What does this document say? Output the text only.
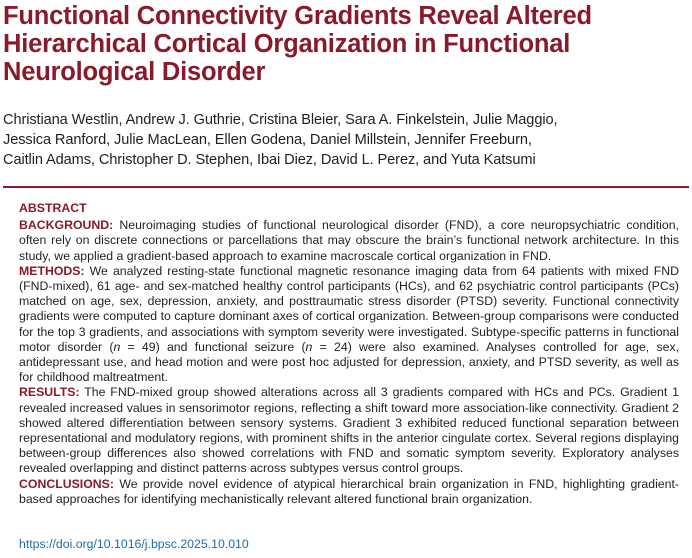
Functional Connectivity Gradients Reveal Altered
Hierarchical Cortical Organization in Functional
Neurological Disorder
Christiana Westlin, Andrew J. Guthrie, Cristina Bleier, Sara A. Finkelstein, Julie Maggio,
Jessica Ranford, Julie MacLean, Ellen Godena, Daniel Millstein, Jennifer Freeburn,
Caitlin Adams, Christopher D. Stephen, Ibai Diez, David L. Perez, and Yuta Katsumi
ABSTRACT

BACKGROUND: Neuroimaging studies of functional neurological disorder (FND), a core neuropsychiatric condition, often rely on discrete connections or parcellations that may obscure the brain’s functional network architecture. In this study, we applied a gradient-based approach to examine macroscale cortical organization in FND.

METHODS: We analyzed resting-state functional magnetic resonance imaging data from 64 patients with mixed FND (FND-mixed), 61 age- and sex-matched healthy control participants (HCs), and 62 psychiatric control participants (PCs) matched on age, sex, depression, anxiety, and posttraumatic stress disorder (PTSD) severity. Functional connectivity gradients were computed to capture dominant axes of cortical organization. Between-group comparisons were conducted for the top 3 gradients, and associations with symptom severity were investigated. Subtype-specific patterns in functional motor disorder (n = 49) and functional seizure (n = 24) were also examined. Analyses controlled for age, sex, antidepressant use, and head motion and were post hoc adjusted for depression, anxiety, and PTSD severity, as well as for childhood maltreatment.

RESULTS: The FND-mixed group showed alterations across all 3 gradients compared with HCs and PCs. Gradient 1 revealed increased values in sensorimotor regions, reflecting a shift toward more association-like connectivity. Gradient 2 showed altered differentiation between sensory systems. Gradient 3 exhibited reduced functional separation between representational and modulatory regions, with prominent shifts in the anterior cingulate cortex. Several regions displaying between-group differences also showed correlations with FND and somatic symptom severity. Exploratory analyses revealed overlapping and distinct patterns across subtypes versus control groups.

CONCLUSIONS: We provide novel evidence of atypical hierarchical brain organization in FND, highlighting gradient-based approaches for identifying mechanistically relevant altered functional brain organization.

https://doi.org/10.1016/j.bpsc.2025.10.010
